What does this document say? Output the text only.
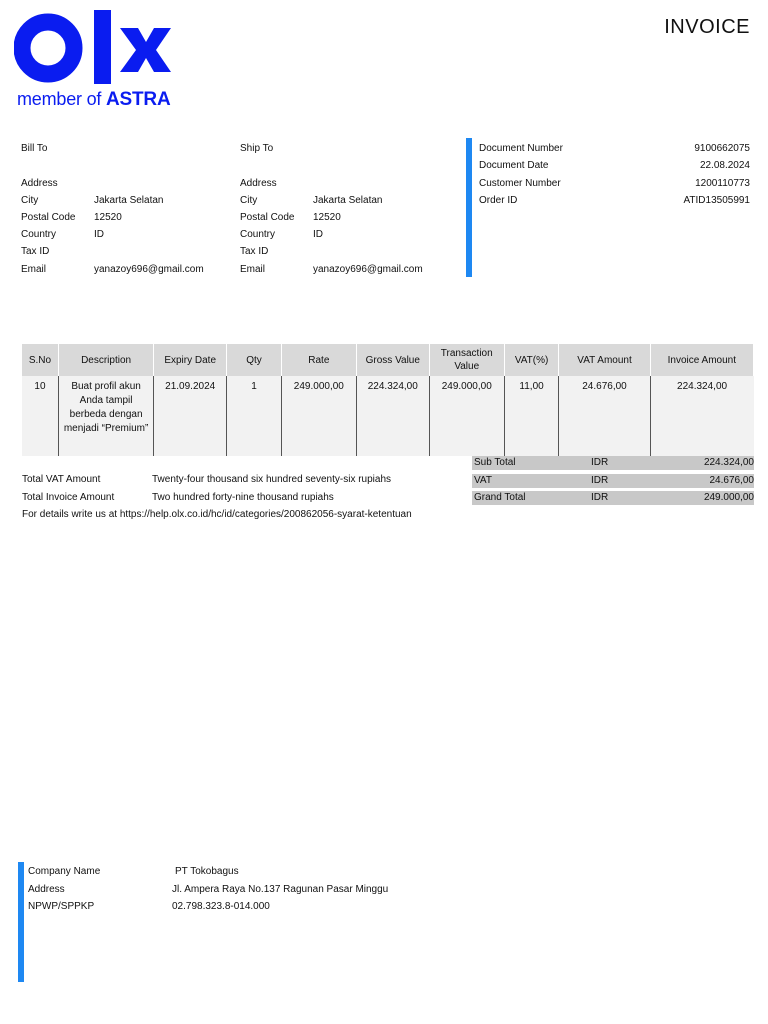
member of ASTRA
INVOICE
Bill To
Address
City	Jakarta Selatan
Postal Code 12520
Country	ID
Tax ID
Email	yanazoy696@gmail.com
Ship To
Address
City	Jakarta Selatan
Postal Code 12520
Country	ID
Tax ID
Email	yanazoy696@gmail.com
Document Number	9100662075
Document Date	22.08.2024
Customer Number	1200110773
Order ID	ATID13505991
S.No	Description	Expiry Date	Qty	Rate	Gross Value	Transaction Value	VAT(%)	VAT Amount	Invoice Amount
10	Buat profil akun Anda tampil berbeda dengan menjadi “Premium”	21.09.2024	1	249.000,00	224.324,00	249.000,00	11,00	24.676,00	224.324,00
Sub Total	IDR	224.324,00
VAT	IDR	24.676,00
Grand Total	IDR	249.000,00
Total VAT Amount	Twenty-four thousand six hundred seventy-six rupiahs
Total Invoice Amount	Two hundred forty-nine thousand rupiahs
For details write us at https://help.olx.co.id/hc/id/categories/200862056-syarat-ketentuan
Company Name	PT Tokobagus
Address	Jl. Ampera Raya No.137 Ragunan Pasar Minggu
NPWP/SPPKP	02.798.323.8-014.000
